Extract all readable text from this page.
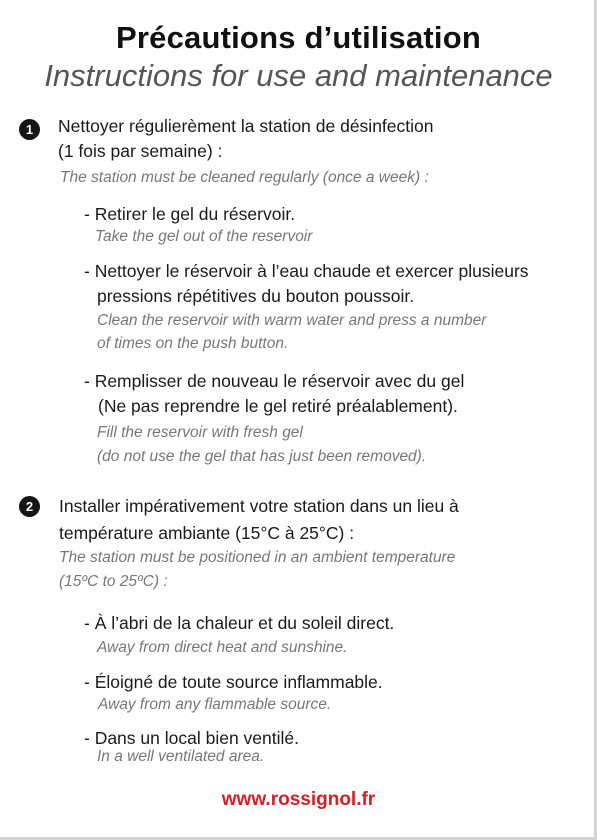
Précautions d’utilisation
Instructions for use and maintenance
1	Nettoyer régulierèment la station de désinfection
(1 fois par semaine) :
The station must be cleaned regularly (once a week) :
- Retirer le gel du réservoir.
Take the gel out of the reservoir
- Nettoyer le réservoir à l’eau chaude et exercer plusieurs
pressions répétitives du bouton poussoir.
Clean the reservoir with warm water and press a number
of times on the push button.
- Remplisser de nouveau le réservoir avec du gel
(Ne pas reprendre le gel retiré préalablement).
Fill the reservoir with fresh gel
(do not use the gel that has just been removed).
2	Installer impérativement votre station dans un lieu à
température ambiante (15°C à 25°C) :
The station must be positioned in an ambient temperature
(15ºC to 25ºC) :
- À l’abri de la chaleur et du soleil direct.
Away from direct heat and sunshine.
- Éloigné de toute source inflammable.
Away from any flammable source.
- Dans un local bien ventilé.
In a well ventilated area.
www.rossignol.fr
